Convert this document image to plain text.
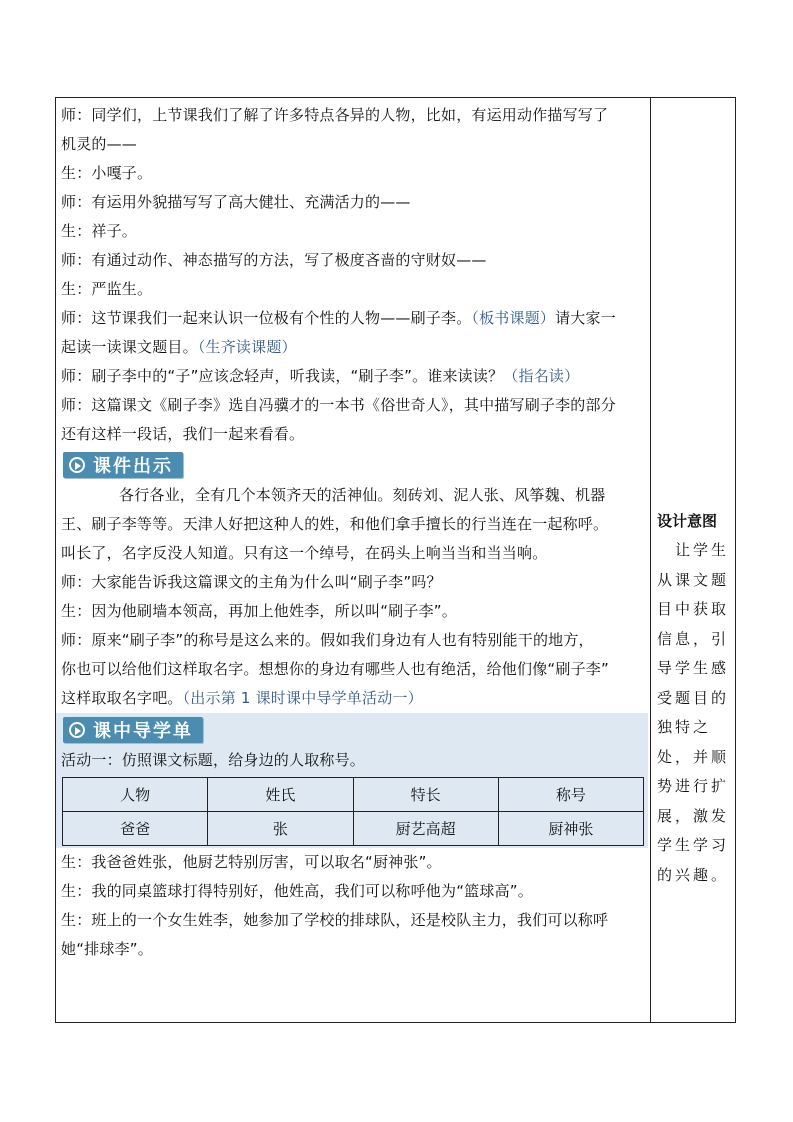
师：同学们，上节课我们了解了许多特点各异的人物，比如，有运用动作描写写了
机灵的——
生：小嘎子。
师：有运用外貌描写写了高大健壮、充满活力的——
生：祥子。
师：有通过动作、神态描写的方法，写了极度吝啬的守财奴——
生：严监生。
师：这节课我们一起来认识一位极有个性的人物——刷子李。（板书课题）请大家一
起读一读课文题目。（生齐读课题）
师：刷子李中的“子”应该念轻声，听我读，“刷子李”。谁来读读？（指名读）
师：这篇课文《刷子李》选自冯骥才的一本书《俗世奇人》，其中描写刷子李的部分
还有这样一段话，我们一起来看看。
课件出示
各行各业，全有几个本领齐天的活神仙。刻砖刘、泥人张、风筝魏、机器
王、刷子李等等。天津人好把这种人的姓，和他们拿手擅长的行当连在一起称呼。
叫长了，名字反没人知道。只有这一个绰号，在码头上响当当和当当响。
师：大家能告诉我这篇课文的主角为什么叫“刷子李”吗？
生：因为他刷墙本领高，再加上他姓李，所以叫“刷子李”。
师：原来“刷子李”的称号是这么来的。假如我们身边有人也有特别能干的地方，
你也可以给他们这样取名字。想想你的身边有哪些人也有绝活，给他们像“刷子李”
这样取取名字吧。（出示第 1 课时课中导学单活动一）
课中导学单
活动一：仿照课文标题，给身边的人取称号。
人物	姓氏	特长	称号
爸爸	张	厨艺高超	厨神张
生：我爸爸姓张，他厨艺特别厉害，可以取名“厨神张”。
生：我的同桌篮球打得特别好，他姓高，我们可以称呼他为“篮球高”。
生：班上的一个女生姓李，她参加了学校的排球队，还是校队主力，我们可以称呼
她“排球李”。
设计意图
　让学生从课文题目中获取信息，引导学生感受题目的独特之处，并顺势进行扩展，激发学生学习的兴趣。
